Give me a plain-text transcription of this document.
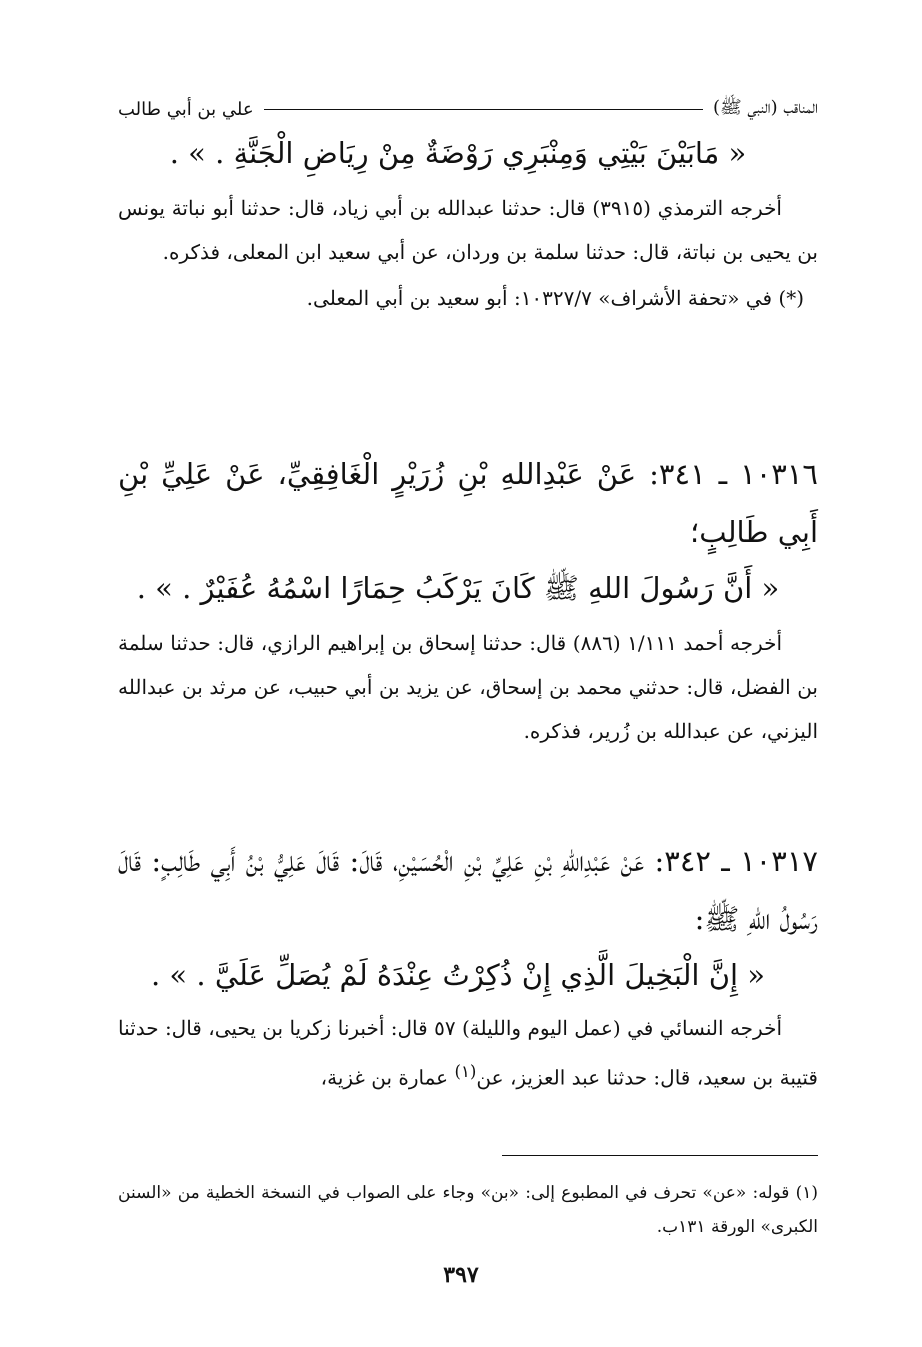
المناقب (النبي ﷺ)
علي بن أبي طالب
« مَابَيْنَ بَيْتِي وَمِنْبَرِي رَوْضَةٌ مِنْ رِيَاضِ الْجَنَّةِ . » .
أخرجه الترمذي (٣٩١٥) قال: حدثنا عبدالله بن أبي زياد، قال: حدثنا أبو نباتة يونس بن يحيى بن نباتة، قال: حدثنا سلمة بن وردان، عن أبي سعيد ابن المعلى، فذكره.
(*) في «تحفة الأشراف» ١٠٣٢٧/٧: أبو سعيد بن أبي المعلى.
١٠٣١٦ ـ ٣٤١: عَنْ عَبْدِاللهِ بْنِ زُرَيْرٍ الْغَافِقِيِّ، عَنْ عَلِيِّ بْنِ أَبِي طَالِبٍ؛
« أَنَّ رَسُولَ اللهِ ﷺ كَانَ يَرْكَبُ حِمَارًا اسْمُهُ عُفَيْرٌ . » .
أخرجه أحمد ١/١١١ (٨٨٦) قال: حدثنا إسحاق بن إبراهيم الرازي، قال: حدثنا سلمة بن الفضل، قال: حدثني محمد بن إسحاق، عن يزيد بن أبي حبيب، عن مرثد بن عبدالله اليزني، عن عبدالله بن زُرير، فذكره.
١٠٣١٧ ـ ٣٤٢: عَنْ عَبْدِاللهِ بْنِ عَلِيِّ بْنِ الْحُسَيْنِ، قَالَ: قَالَ عَلِيُّ بْنُ أَبِي طَالِبٍ: قَالَ رَسُولُ اللهِ ﷺ:
« إِنَّ الْبَخِيلَ الَّذِي إِنْ ذُكِرْتُ عِنْدَهُ لَمْ يُصَلِّ عَلَيَّ . » .
أخرجه النسائي في (عمل اليوم والليلة) ٥٧ قال: أخبرنا زكريا بن يحيى، قال: حدثنا قتيبة بن سعيد، قال: حدثنا عبد العزيز، عن$^{(١)}$ عمارة بن غزية،
(١) قوله: «عن» تحرف في المطبوع إلى: «بن» وجاء على الصواب في النسخة الخطية من «السنن الكبرى» الورقة ١٣١ب.
٣٩٧
